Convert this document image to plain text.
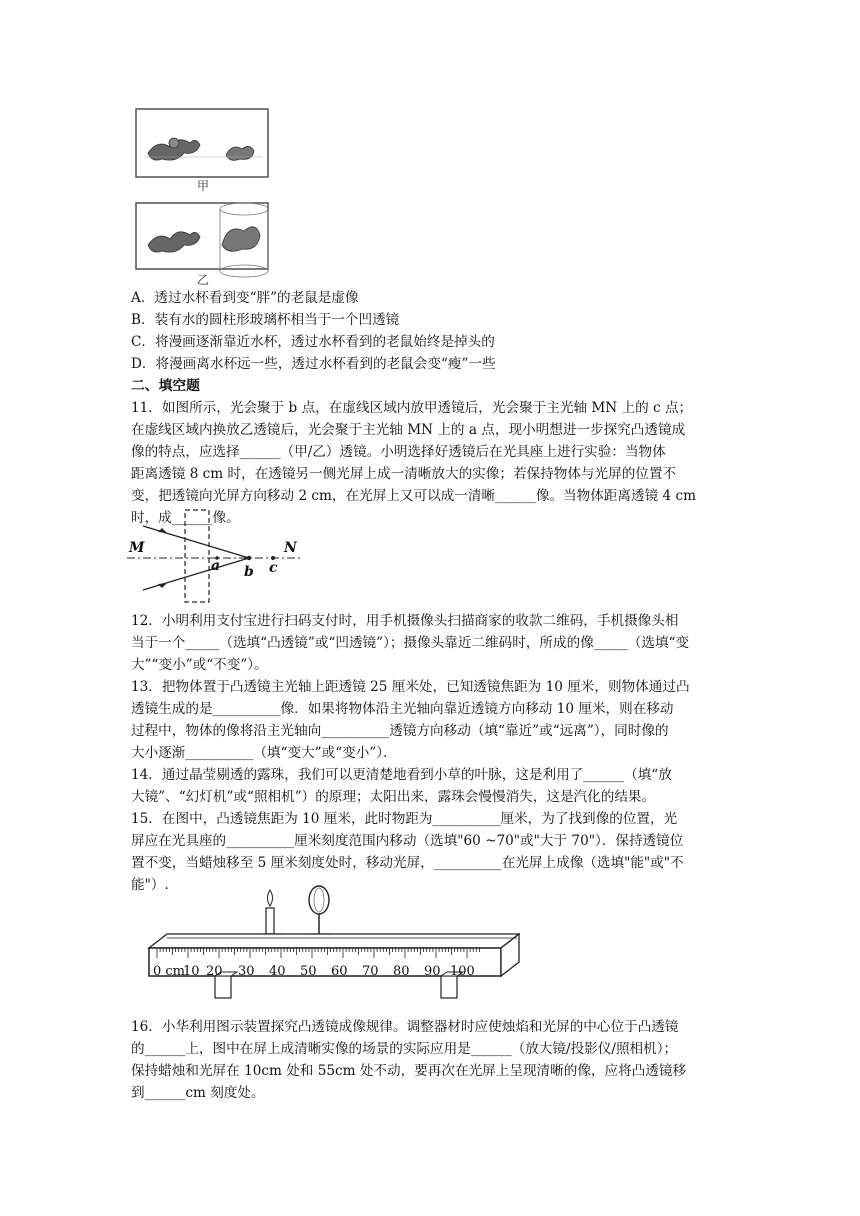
甲
乙
A．透过水杯看到变“胖”的老鼠是虚像
B．装有水的圆柱形玻璃杯相当于一个凹透镜
C．将漫画逐渐靠近水杯，透过水杯看到的老鼠始终是掉头的
D．将漫画离水杯远一些，透过水杯看到的老鼠会变“瘦”一些
二、填空题
11．如图所示，光会聚于 b 点，在虚线区域内放甲透镜后，光会聚于主光轴 MN 上的 c 点；
在虚线区域内换放乙透镜后，光会聚于主光轴 MN 上的 a 点，现小明想进一步探究凸透镜成
像的特点，应选择______（甲/乙）透镜。小明选择好透镜后在光具座上进行实验：当物体
距离透镜 8 cm 时，在透镜另一侧光屏上成一清晰放大的实像；若保持物体与光屏的位置不
变，把透镜向光屏方向移动 2 cm，在光屏上又可以成一清晰______像。当物体距离透镜 4 cm
时，成______像。
M	N
a b c
12．小明利用支付宝进行扫码支付时，用手机摄像头扫描商家的收款二维码，手机摄像头相
当于一个_____（选填“凸透镜”或“凹透镜”）；摄像头靠近二维码时，所成的像_____（选填“变
大”“变小”或“不变”）。
13．把物体置于凸透镜主光轴上距透镜 25 厘米处，已知透镜焦距为 10 厘米，则物体通过凸
透镜生成的是__________像．如果将物体沿主光轴向靠近透镜方向移动 10 厘米，则在移动
过程中，物体的像将沿主光轴向__________透镜方向移动（填“靠近”或“远离”），同时像的
大小逐渐__________（填“变大”或“变小”）．
14．通过晶莹剔透的露珠，我们可以更清楚地看到小草的叶脉，这是利用了______（填“放
大镜”、“幻灯机”或“照相机”）的原理；太阳出来，露珠会慢慢消失，这是汽化的结果。
15．在图中，凸透镜焦距为 10 厘米，此时物距为__________厘米，为了找到像的位置，光
屏应在光具座的__________厘米刻度范围内移动（选填"60 ~70"或"大于 70"）．保持透镜位
置不变，当蜡烛移至 5 厘米刻度处时，移动光屏，__________在光屏上成像（选填"能"或"不
能"）.
0 cm
10 20 30 40 50 60 70 80 90 100
16．小华利用图示装置探究凸透镜成像规律。调整器材时应使烛焰和光屏的中心位于凸透镜
的______上，图中在屏上成清晰实像的场景的实际应用是______（放大镜/投影仪/照相机）；
保持蜡烛和光屏在 10cm 处和 55cm 处不动，要再次在光屏上呈现清晰的像，应将凸透镜移
到______cm 刻度处。
